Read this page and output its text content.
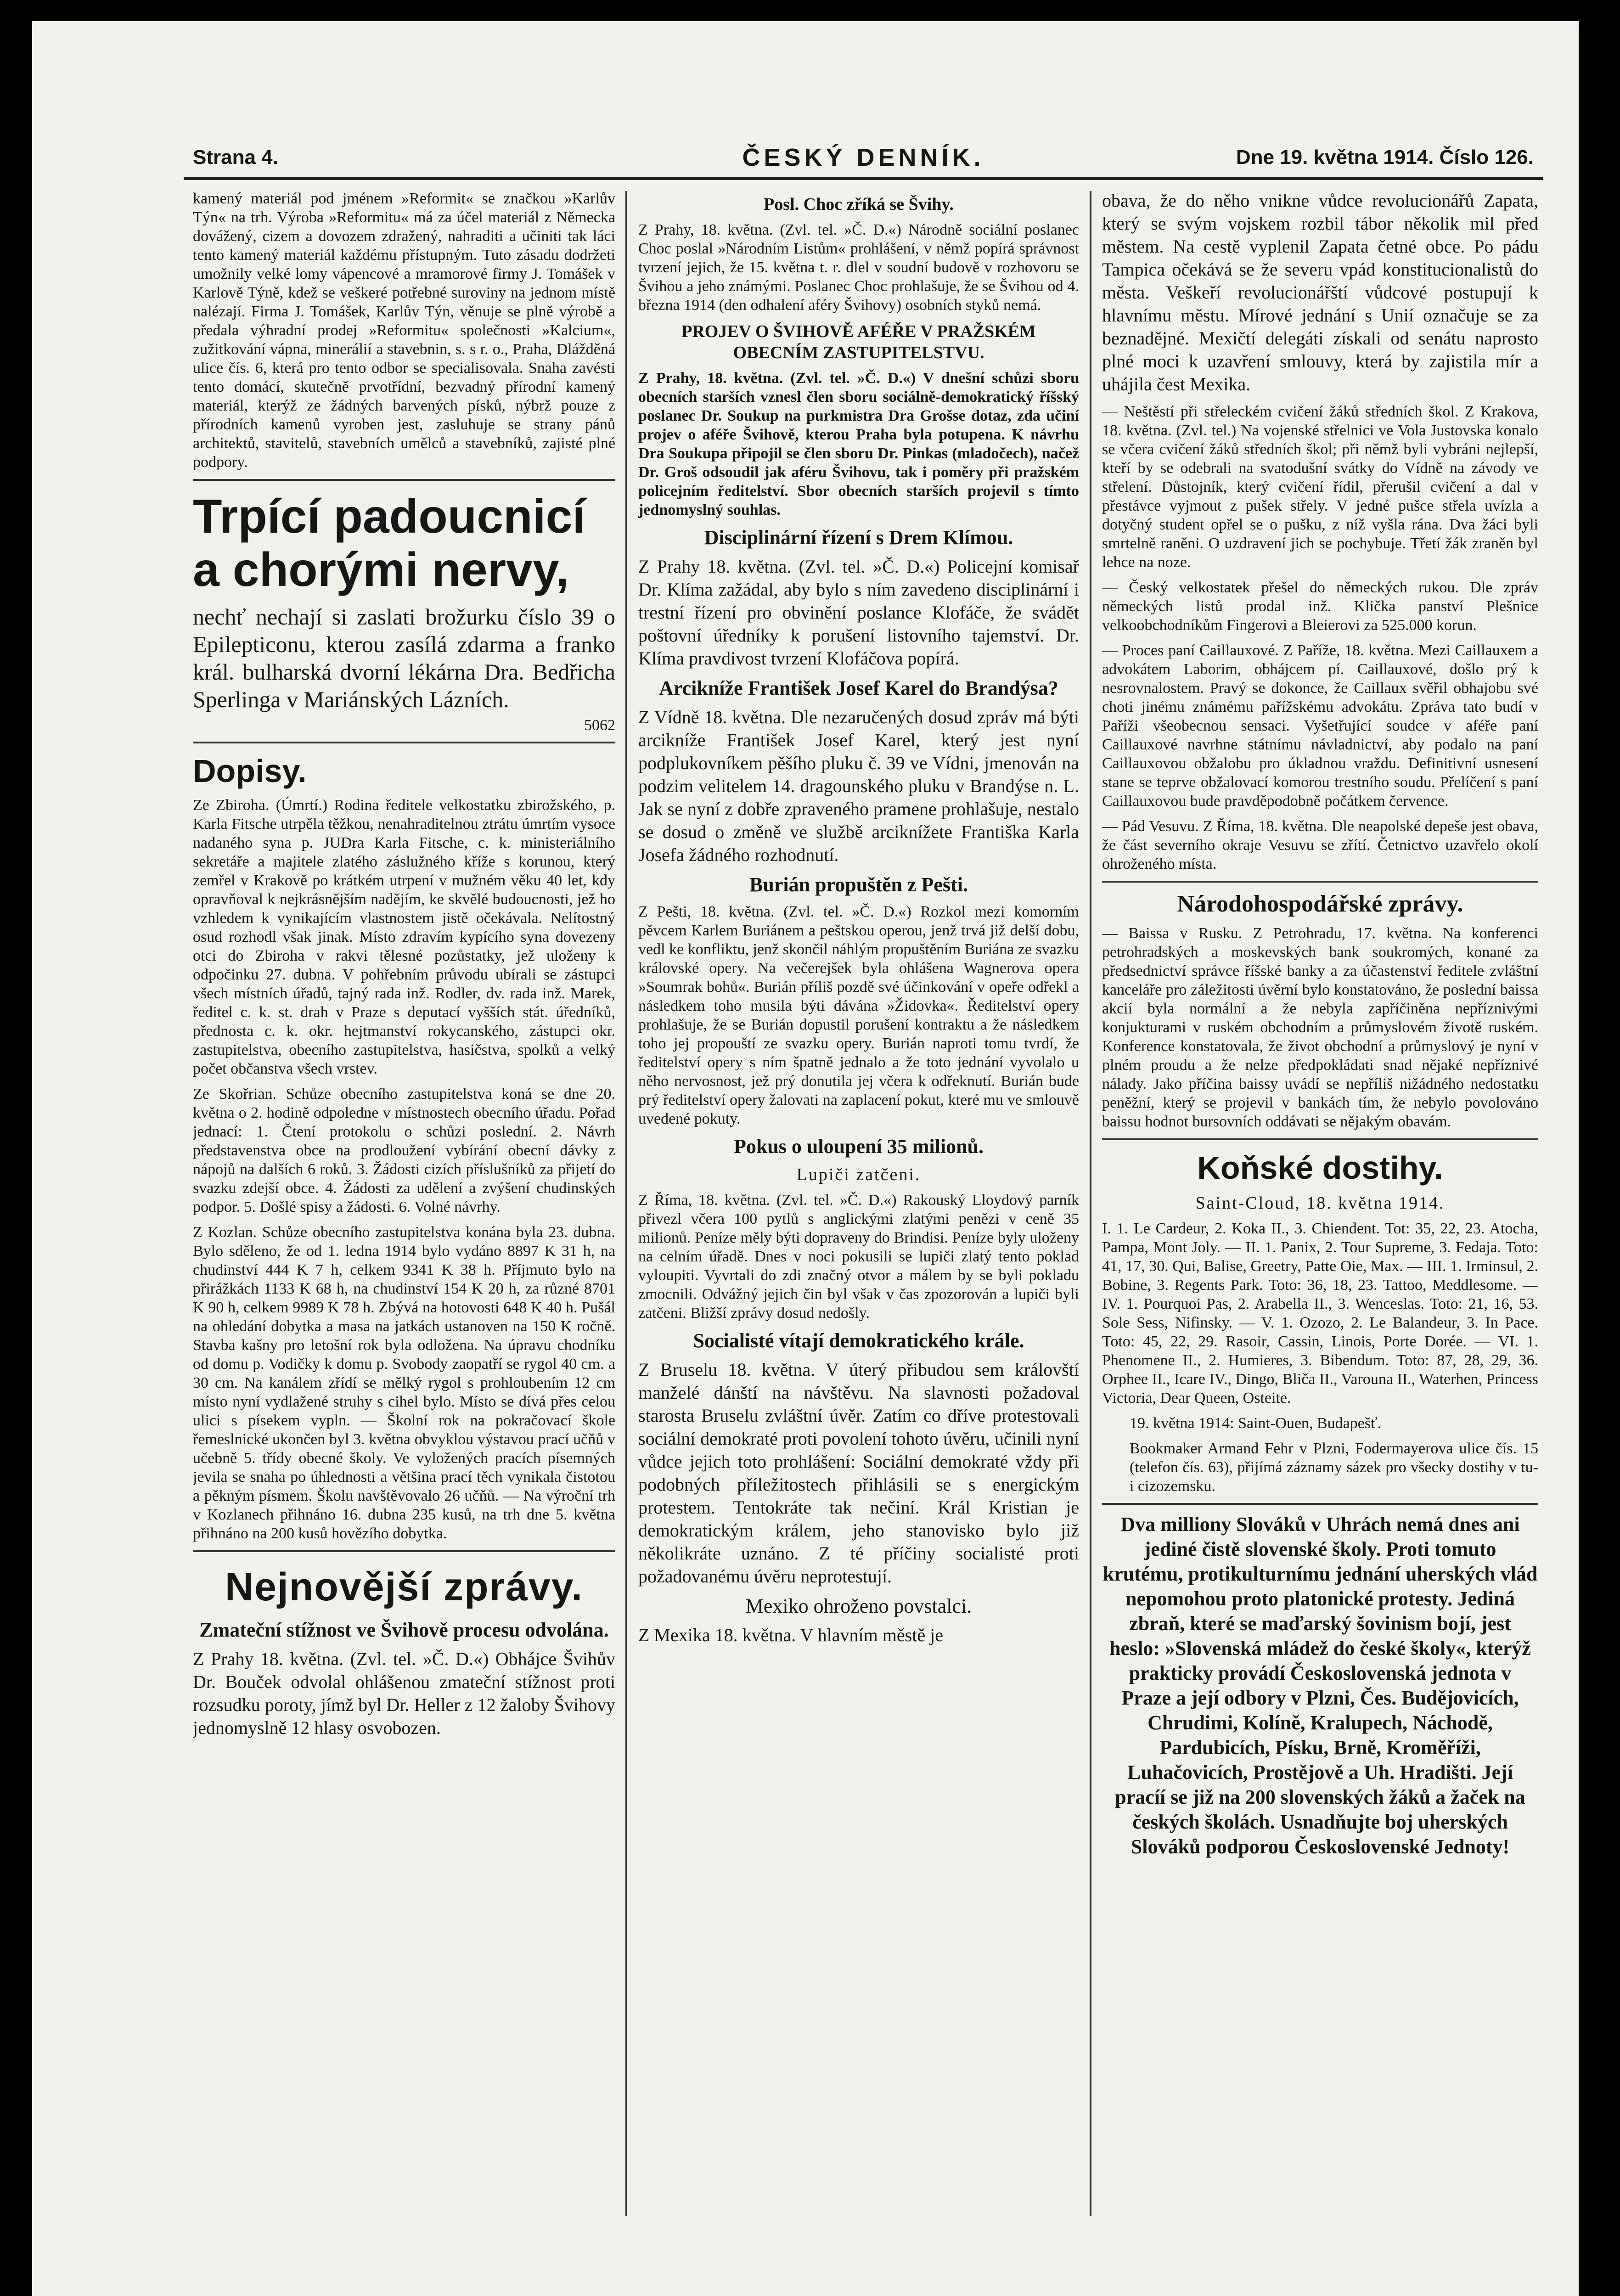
Strana 4.	ČESKÝ DENNÍK.	Dne 19. května 1914. Číslo 126.

kamený materiál pod jménem »Reformit« se značkou »Karlův Týn« na trh. Výroba »Reformitu« má za účel materiál z Německa dovážený, cizem a dovozem zdražený, nahraditi a učiniti tak láci tento kamený materiál každému přístupným. Tuto zásadu dodržeti umožnily velké lomy vápencové a mramorové firmy J. Tomášek v Karlově Týně, kdež se veškeré potřebné suroviny na jednom místě nalézají. Firma J. Tomášek, Karlův Týn, věnuje se plně výrobě a předala výhradní prodej »Reformitu« společnosti »Kalcium«, zužitkování vápna, minerálií a stavebnin, s. s r. o., Praha, Dlážděná ulice čís. 6, která pro tento odbor se specialisovala. Snaha zavésti tento domácí, skutečně prvotřídní, bezvadný přírodní kamený materiál, kterýž ze žádných barvených písků, nýbrž pouze z přírodních kamenů vyroben jest, zasluhuje se strany pánů architektů, stavitelů, stavebních umělců a stavebníků, zajisté plné podpory.

Trpící padoucnicí a chorými nervy,

nechť nechají si zaslati brožurku číslo 39 o Epilepticonu, kterou zasílá zdarma a franko král. bulharská dvorní lékárna Dra. Bedřicha Sperlinga v Mariánských Lázních.

5062
Dopisy.

Ze Zbiroha. (Úmrtí.) Rodina ředitele velkostatku zbirožského, p. Karla Fitsche utrpěla těžkou, nenahraditelnou ztrátu úmrtím vysoce nadaného syna p. JUDra Karla Fitsche, c. k. ministeriálního sekretáře a majitele zlatého záslužného kříže s korunou, který zemřel v Krakově po krátkém utrpení v mužném věku 40 let, kdy opravňoval k nejkrásnějším nadějím, ke skvělé budoucnosti, jež ho vzhledem k vynikajícím vlastnostem jistě očekávala. Nelítostný osud rozhodl však jinak. Místo zdravím kypícího syna dovezeny otci do Zbiroha v rakvi tělesné pozůstatky, jež uloženy k odpočinku 27. dubna. V pohřebním průvodu ubírali se zástupci všech místních úřadů, tajný rada inž. Rodler, dv. rada inž. Marek, ředitel c. k. st. drah v Praze s deputací vyšších stát. úředníků, přednosta c. k. okr. hejtmanství rokycanského, zástupci okr. zastupitelstva, obecního zastupitelstva, hasičstva, spolků a velký počet občanstva všech vrstev.

Ze Skořrian. Schůze obecního zastupitelstva koná se dne 20. května o 2. hodině odpoledne v místnostech obecního úřadu. Pořad jednací: 1. Čtení protokolu o schůzi poslední. 2. Návrh představenstva obce na prodloužení vybírání obecní dávky z nápojů na dalších 6 roků. 3. Žádosti cizích příslušníků za přijetí do svazku zdejší obce. 4. Žádosti za udělení a zvýšení chudinských podpor. 5. Došlé spisy a žádosti. 6. Volné návrhy.

Z Kozlan. Schůze obecního zastupitelstva konána byla 23. dubna. Bylo sděleno, že od 1. ledna 1914 bylo vydáno 8897 K 31 h, na chudinství 444 K 7 h, celkem 9341 K 38 h. Příjmuto bylo na přirážkách 1133 K 68 h, na chudinství 154 K 20 h, za různé 8701 K 90 h, celkem 9989 K 78 h. Zbývá na hotovosti 648 K 40 h. Pušál na ohledání dobytka a masa na jatkách ustanoven na 150 K ročně. Stavba kašny pro letošní rok byla odložena. Na úpravu chodníku od domu p. Vodičky k domu p. Svobody zaopatří se rygol 40 cm. a 30 cm. Na kanálem zřídí se mělký rygol s prohloubením 12 cm místo nyní vydlažené struhy s cihel bylo. Místo se dívá přes celou ulici s písekem vypln. — Školní rok na pokračovací škole řemeslnické ukončen byl 3. května obvyklou výstavou prací učňů v učebně 5. třídy obecné školy. Ve vyložených pracích písemných jevila se snaha po úhlednosti a většina prací těch vynikala čistotou a pěkným písmem. Školu navštěvovalo 26 učňů. — Na výroční trh v Kozlanech přihnáno 16. dubna 235 kusů, na trh dne 5. května přihnáno na 200 kusů hovězího dobytka.

Nejnovější zprávy.
Zmateční stížnost ve Švihově procesu odvolána.

Z Prahy 18. května. (Zvl. tel. »Č. D.«) Obhájce Švihův Dr. Bouček odvolal ohlášenou zmateční stížnost proti rozsudku poroty, jímž byl Dr. Heller z 12 žaloby Švihovy jednomyslně 12 hlasy osvobozen.

Posl. Choc zříká se Švihy.

Z Prahy, 18. května. (Zvl. tel. »Č. D.«) Národně sociální poslanec Choc poslal »Národním Listům« prohlášení, v němž popírá správnost tvrzení jejich, že 15. května t. r. dlel v soudní budově v rozhovoru se Švihou a jeho známými. Poslanec Choc prohlašuje, že se Švihou od 4. března 1914 (den odhalení aféry Švihovy) osobních styků nemá.

PROJEV O ŠVIHOVĚ AFÉŘE V PRAŽSKÉM OBECNÍM ZASTUPITELSTVU.

Z Prahy, 18. května. (Zvl. tel. »Č. D.«) V dnešní schůzi sboru obecních starších vznesl člen sboru sociálně-demokratický říšský poslanec Dr. Soukup na purkmistra Dra Grošse dotaz, zda učiní projev o aféře Švihově, kterou Praha byla potupena. K návrhu Dra Soukupa připojil se člen sboru Dr. Pinkas (mladočech), načež Dr. Groš odsoudil jak aféru Švihovu, tak i poměry při pražském policejním ředitelství. Sbor obecních starších projevil s tímto jednomyslný souhlas.

Disciplinární řízení s Drem Klímou.

Z Prahy 18. května. (Zvl. tel. »Č. D.«) Policejní komisař Dr. Klíma zažádal, aby bylo s ním zavedeno disciplinární i trestní řízení pro obvinění poslance Klofáče, že svádět poštovní úředníky k porušení listovního tajemství. Dr. Klíma pravdivost tvrzení Klofáčova popírá.

Arcikníže František Josef Karel do Brandýsa?

Z Vídně 18. května. Dle nezaručených dosud zpráv má býti arcikníže František Josef Karel, který jest nyní podplukovníkem pěšího pluku č. 39 ve Vídni, jmenován na podzim velitelem 14. dragounského pluku v Brandýse n. L. Jak se nyní z dobře zpraveného pramene prohlašuje, nestalo se dosud o změně ve službě arciknížete Františka Karla Josefa žádného rozhodnutí.

Burián propuštěn z Pešti.

Z Pešti, 18. května. (Zvl. tel. »Č. D.«) Rozkol mezi komorním pěvcem Karlem Buriánem a peštskou operou, jenž trvá již delší dobu, vedl ke konfliktu, jenž skončil náhlým propuštěním Buriána ze svazku královské opery. Na večerejšek byla ohlášena Wagnerova opera »Soumrak bohů«. Burián příliš pozdě své účinkování v opeře odřekl a následkem toho musila býti dávána »Židovka«. Ředitelství opery prohlašuje, že se Burián dopustil porušení kontraktu a že následkem toho jej propouští ze svazku opery. Burián naproti tomu tvrdí, že ředitelství opery s ním špatně jednalo a že toto jednání vyvolalo u něho nervosnost, jež prý donutila jej včera k odřeknutí. Burián bude prý ředitelství opery žalovati na zaplacení pokut, které mu ve smlouvě uvedené pokuty.

Pokus o uloupení 35 milionů.
Lupiči zatčeni.

Z Říma, 18. května. (Zvl. tel. »Č. D.«) Rakouský Lloydový parník přivezl včera 100 pytlů s anglickými zlatými penězi v ceně 35 milionů. Peníze měly býti dopraveny do Brindisi. Peníze byly uloženy na celním úřadě. Dnes v noci pokusili se lupiči zlatý tento poklad vyloupiti. Vyvrtali do zdi značný otvor a málem by se byli pokladu zmocnili. Odvážný jejich čin byl však v čas zpozorován a lupiči byli zatčeni. Bližší zprávy dosud nedošly.

Socialisté vítají demokratického krále.

Z Bruselu 18. května. V úterý přibudou sem královští manželé dánští na návštěvu. Na slavnosti požadoval starosta Bruselu zvláštní úvěr. Zatím co dříve protestovali sociální demokraté proti povolení tohoto úvěru, učinili nyní vůdce jejich toto prohlášení: Sociální demokraté vždy při podobných příležitostech přihlásili se s energickým protestem. Tentokráte tak nečiní. Král Kristian je demokratickým králem, jeho stanovisko bylo již několikráte uznáno. Z té příčiny socialisté proti požadovanému úvěru neprotestují.

Mexiko ohroženo povstalci.

Z Mexika 18. května. V hlavním městě je

obava, že do něho vnikne vůdce revolucionářů Zapata, který se svým vojskem rozbil tábor několik mil před městem. Na cestě vyplenil Zapata četné obce. Po pádu Tampica očekává se že severu vpád konstitucionalistů do města. Veškeří revolucionářští vůdcové postupují k hlavnímu městu. Mírové jednání s Unií označuje se za beznadějné. Mexičtí delegáti získali od senátu naprosto plné moci k uzavření smlouvy, která by zajistila mír a uhájila čest Mexika.

— Neštěstí při střeleckém cvičení žáků středních škol. Z Krakova, 18. května. (Zvl. tel.) Na vojenské střelnici ve Vola Justovska konalo se včera cvičení žáků středních škol; při němž byli vybráni nejlepší, kteří by se odebrali na svatodušní svátky do Vídně na závody ve střelení. Důstojník, který cvičení řídil, přerušil cvičení a dal v přestávce vyjmout z pušek střely. V jedné pušce střela uvízla a dotyčný student opřel se o pušku, z níž vyšla rána. Dva žáci byli smrtelně raněni. O uzdravení jich se pochybuje. Třetí žák zraněn byl lehce na noze.

— Český velkostatek přešel do německých rukou. Dle zpráv německých listů prodal inž. Klička panství Plešnice velkoobchodníkům Fingerovi a Bleierovi za 525.000 korun.

— Proces paní Caillauxové. Z Paříže, 18. května. Mezi Caillauxem a advokátem Laborim, obhájcem pí. Caillauxové, došlo prý k nesrovnalostem. Pravý se dokonce, že Caillaux svěřil obhajobu své choti jinému známému pařížskému advokátu. Zpráva tato budí v Paříži všeobecnou sensaci. Vyšetřující soudce v aféře paní Caillauxové navrhne státnímu návladnictví, aby podalo na paní Caillauxovou obžalobu pro úkladnou vraždu. Definitivní usnesení stane se teprve obžalovací komorou trestního soudu. Přelíčení s paní Caillauxovou bude pravděpodobně počátkem července.

— Pád Vesuvu. Z Říma, 18. května. Dle neapolské depeše jest obava, že část severního okraje Vesuvu se zřítí. Četnictvo uzavřelo okolí ohroženého místa.

Národohospodářské zprávy.

— Baissa v Rusku. Z Petrohradu, 17. května. Na konferenci petrohradských a moskevských bank soukromých, konané za předsednictví správce říšské banky a za účastenství ředitele zvláštní kanceláře pro záležitosti úvěrní bylo konstatováno, že poslední baissa akcií byla normální a že nebyla zapříčiněna nepříznivými konjukturami v ruském obchodním a průmyslovém životě ruském. Konference konstatovala, že život obchodní a průmyslový je nyní v plném proudu a že nelze předpokládati snad nějaké nepříznivé nálady. Jako příčina baissy uvádí se nepříliš nižádného nedostatku peněžní, který se projevil v bankách tím, že nebylo povolováno baissu hodnot bursovních oddávati se nějakým obavám.

Koňské dostihy.
Saint-Cloud, 18. května 1914.

I. 1. Le Cardeur, 2. Koka II., 3. Chiendent. Tot: 35, 22, 23. Atocha, Pampa, Mont Joly. — II. 1. Panix, 2. Tour Supreme, 3. Fedaja. Toto: 41, 17, 30. Qui, Balise, Greetry, Patte Oie, Max. — III. 1. Irminsul, 2. Bobine, 3. Regents Park. Toto: 36, 18, 23. Tattoo, Meddlesome. — IV. 1. Pourquoi Pas, 2. Arabella II., 3. Wenceslas. Toto: 21, 16, 53. Sole Sess, Nifinsky. — V. 1. Ozozo, 2. Le Balandeur, 3. In Pace. Toto: 45, 22, 29. Rasoir, Cassin, Linois, Porte Dorée. — VI. 1. Phenomene II., 2. Humieres, 3. Bibendum. Toto: 87, 28, 29, 36. Orphee II., Icare IV., Dingo, Bliča II., Varouna II., Waterhen, Princess Victoria, Dear Queen, Osteite.

19. května 1914: Saint-Ouen, Budapešť.

Bookmaker Armand Fehr v Plzni, Fodermayerova ulice čís. 15 (telefon čís. 63), přijímá záznamy sázek pro všecky dostihy v tu- i cizozemsku.

Dva milliony Slováků v Uhrách nemá dnes ani jediné čistě slovenské školy. Proti tomuto krutému, protikulturnímu jednání uherských vlád nepomohou proto platonické protesty. Jediná zbraň, které se maďarský šovinism bojí, jest heslo: »Slovenská mládež do české školy«, kterýž prakticky provádí Československá jednota v Praze a její odbory v Plzni, Čes. Budějovicích, Chrudimi, Kolíně, Kralupech, Náchodě, Pardubicích, Písku, Brně, Kroměříži, Luhačovicích, Prostějově a Uh. Hradišti. Její pracíí se již na 200 slovenských žáků a žaček na českých školách. Usnadňujte boj uherských Slováků podporou Československé Jednoty!
